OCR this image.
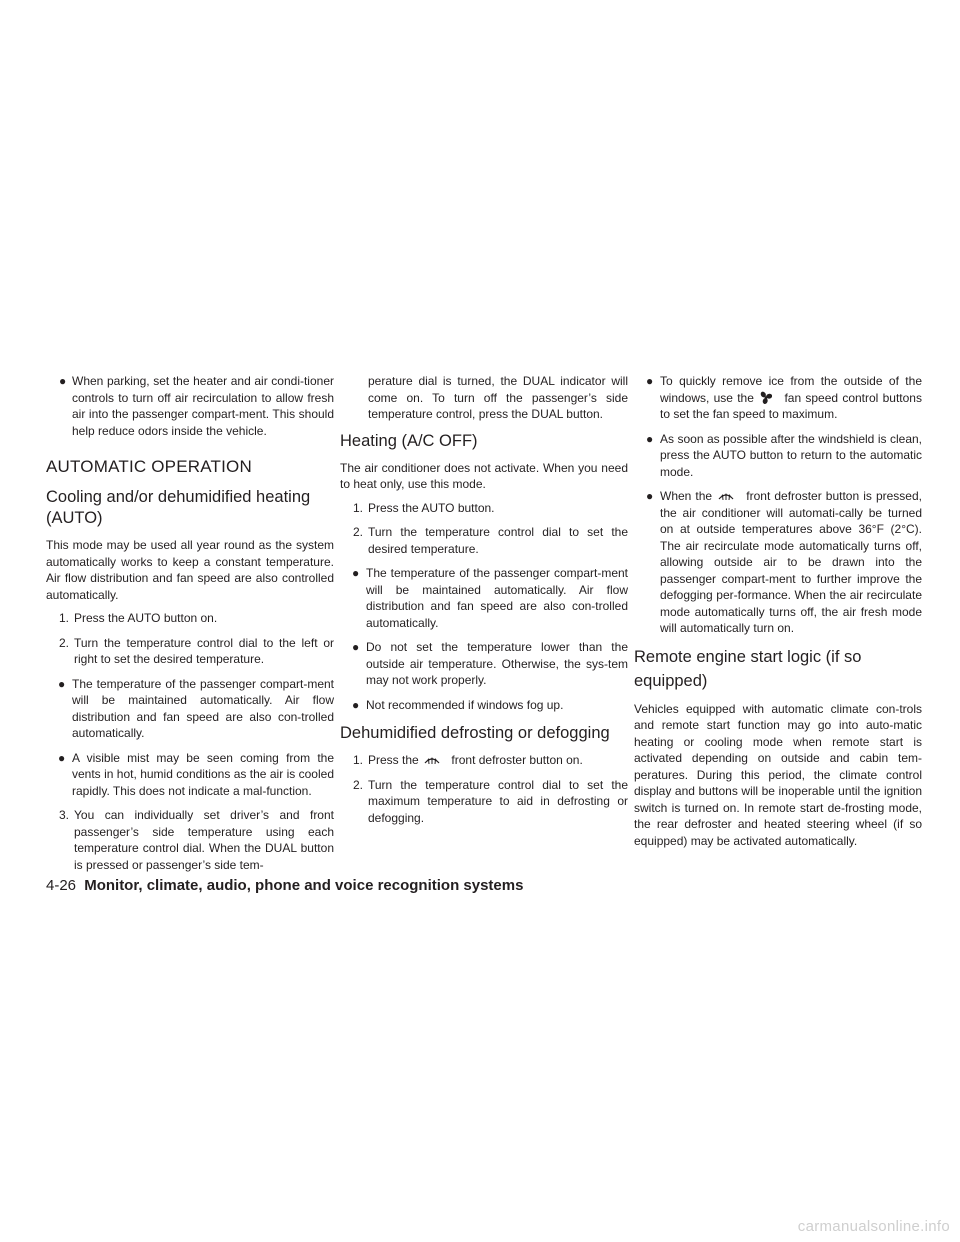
● When parking, set the heater and air condi-tioner controls to turn off air recirculation to allow fresh air into the passenger compart-ment. This should help reduce odors inside the vehicle.
AUTOMATIC OPERATION
Cooling and/or dehumidified heating (AUTO)

This mode may be used all year round as the system automatically works to keep a constant temperature. Air flow distribution and fan speed are also controlled automatically.

1. Press the AUTO button on.
2. Turn the temperature control dial to the left or right to set the desired temperature.
● The temperature of the passenger compart-ment will be maintained automatically. Air flow distribution and fan speed are also con-trolled automatically.
● A visible mist may be seen coming from the vents in hot, humid conditions as the air is cooled rapidly. This does not indicate a mal-function.
3. You can individually set driver’s and front passenger’s side temperature using each temperature control dial. When the DUAL button is pressed or passenger’s side tem-
perature dial is turned, the DUAL indicator will come on. To turn off the passenger’s side temperature control, press the DUAL button.
Heating (A/C OFF)

The air conditioner does not activate. When you need to heat only, use this mode.

1. Press the AUTO button.
2. Turn the temperature control dial to set the desired temperature.
● The temperature of the passenger compart-ment will be maintained automatically. Air flow distribution and fan speed are also con-trolled automatically.
● Do not set the temperature lower than the outside air temperature. Otherwise, the sys-tem may not work properly.
● Not recommended if windows fog up.
Dehumidified defrosting or defogging
1. Press the	front defroster button on.
2. Turn the temperature control dial to set the maximum temperature to aid in defrosting or defogging.
● To quickly remove ice from the outside of the windows, use the	fan speed control buttons to set the fan speed to maximum.
● As soon as possible after the windshield is clean, press the AUTO button to return to the automatic mode.
● When the	front defroster button is pressed, the air conditioner will automati-cally be turned on at outside temperatures above 36°F (2°C). The air recirculate mode automatically turns off, allowing outside air to be drawn into the passenger compart-ment to further improve the defogging per-formance. When the air recirculate mode automatically turns off, the air fresh mode will automatically turn on.
Remote engine start logic (if so equipped)

Vehicles equipped with automatic climate con-trols and remote start function may go into auto-matic heating or cooling mode when remote start is activated depending on outside and cabin tem-peratures. During this period, the climate control display and buttons will be inoperable until the ignition switch is turned on. In remote start de-frosting mode, the rear defroster and heated steering wheel (if so equipped) may be activated automatically.

4-26 Monitor, climate, audio, phone and voice recognition systems
carmanualsonline.info
